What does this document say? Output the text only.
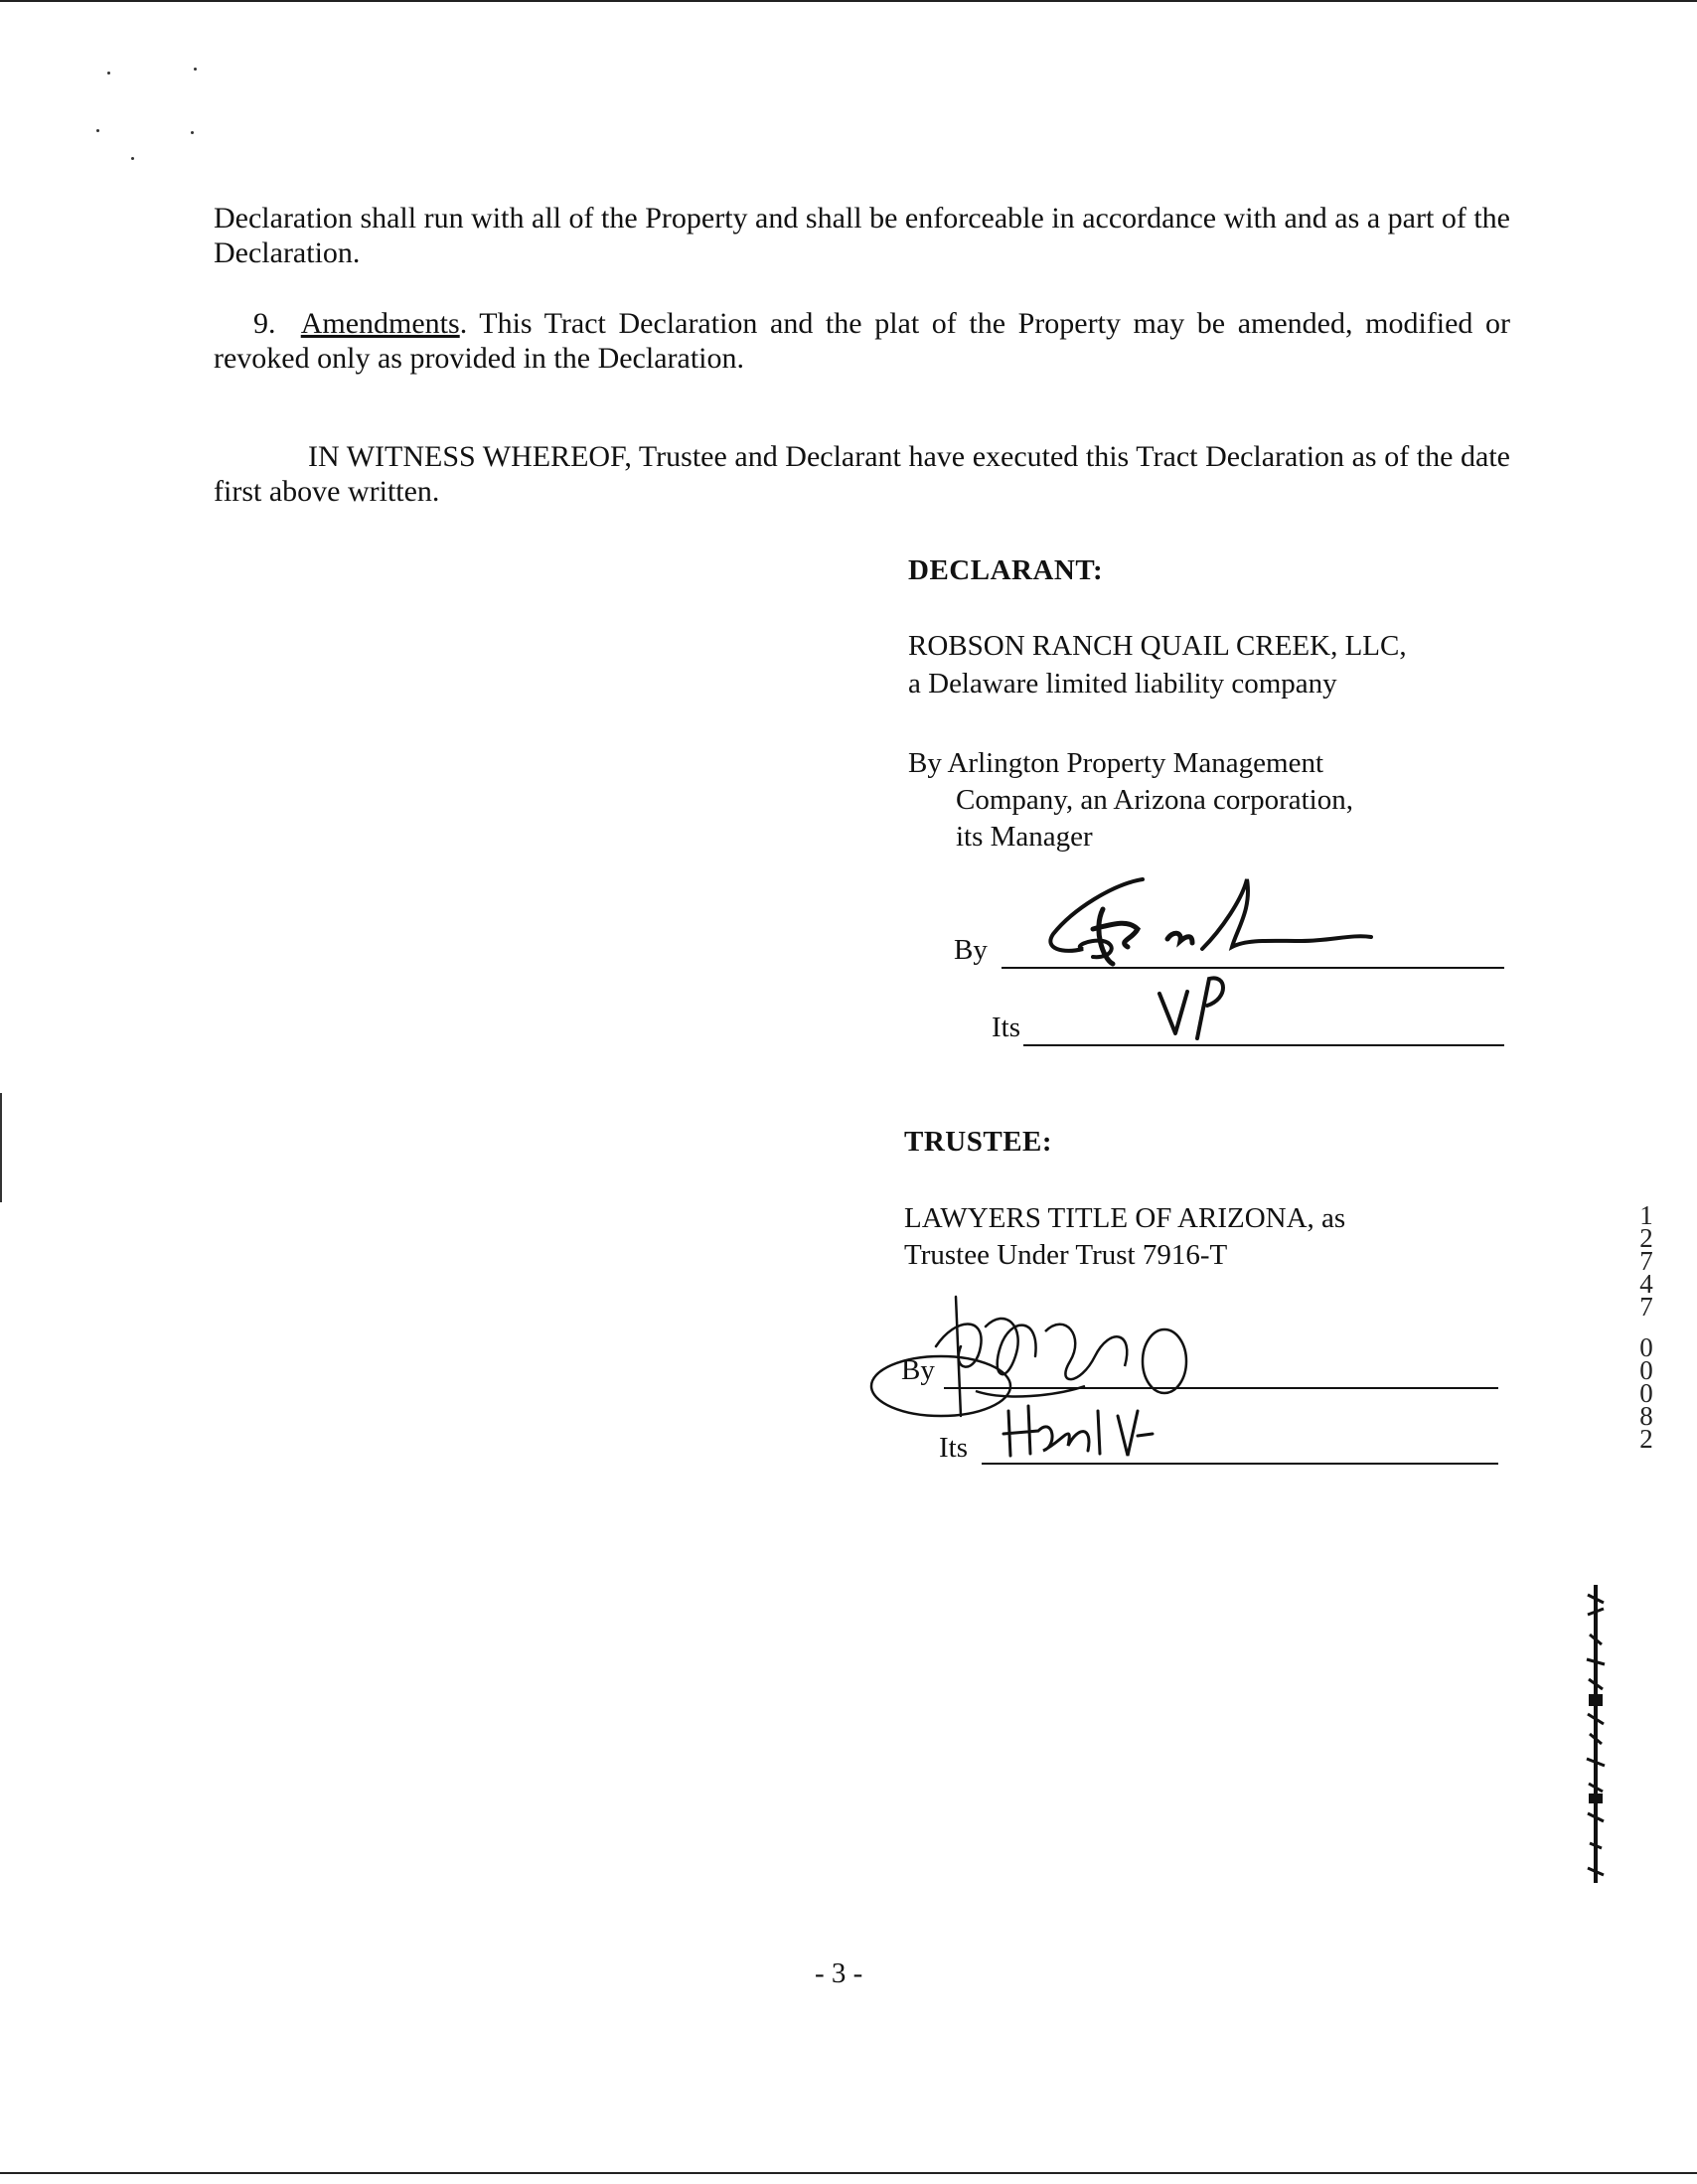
Declaration shall run with all of the Property and shall be enforceable in accordance with and as a part of the Declaration.

9. Amendments. This Tract Declaration and the plat of the Property may be amended, modified or revoked only as provided in the Declaration.

IN WITNESS WHEREOF, Trustee and Declarant have executed this Tract Declaration as of the date first above written.

DECLARANT:
ROBSON RANCH QUAIL CREEK, LLC,
a Delaware limited liability company
By Arlington Property Management
Company, an Arizona corporation,
its Manager
By
Its
TRUSTEE:
LAWYERS TITLE OF ARIZONA, as
Trustee Under Trust 7916-T
By
Its
1
2
7
4
7
0
0
0
8
2
- 3 -
